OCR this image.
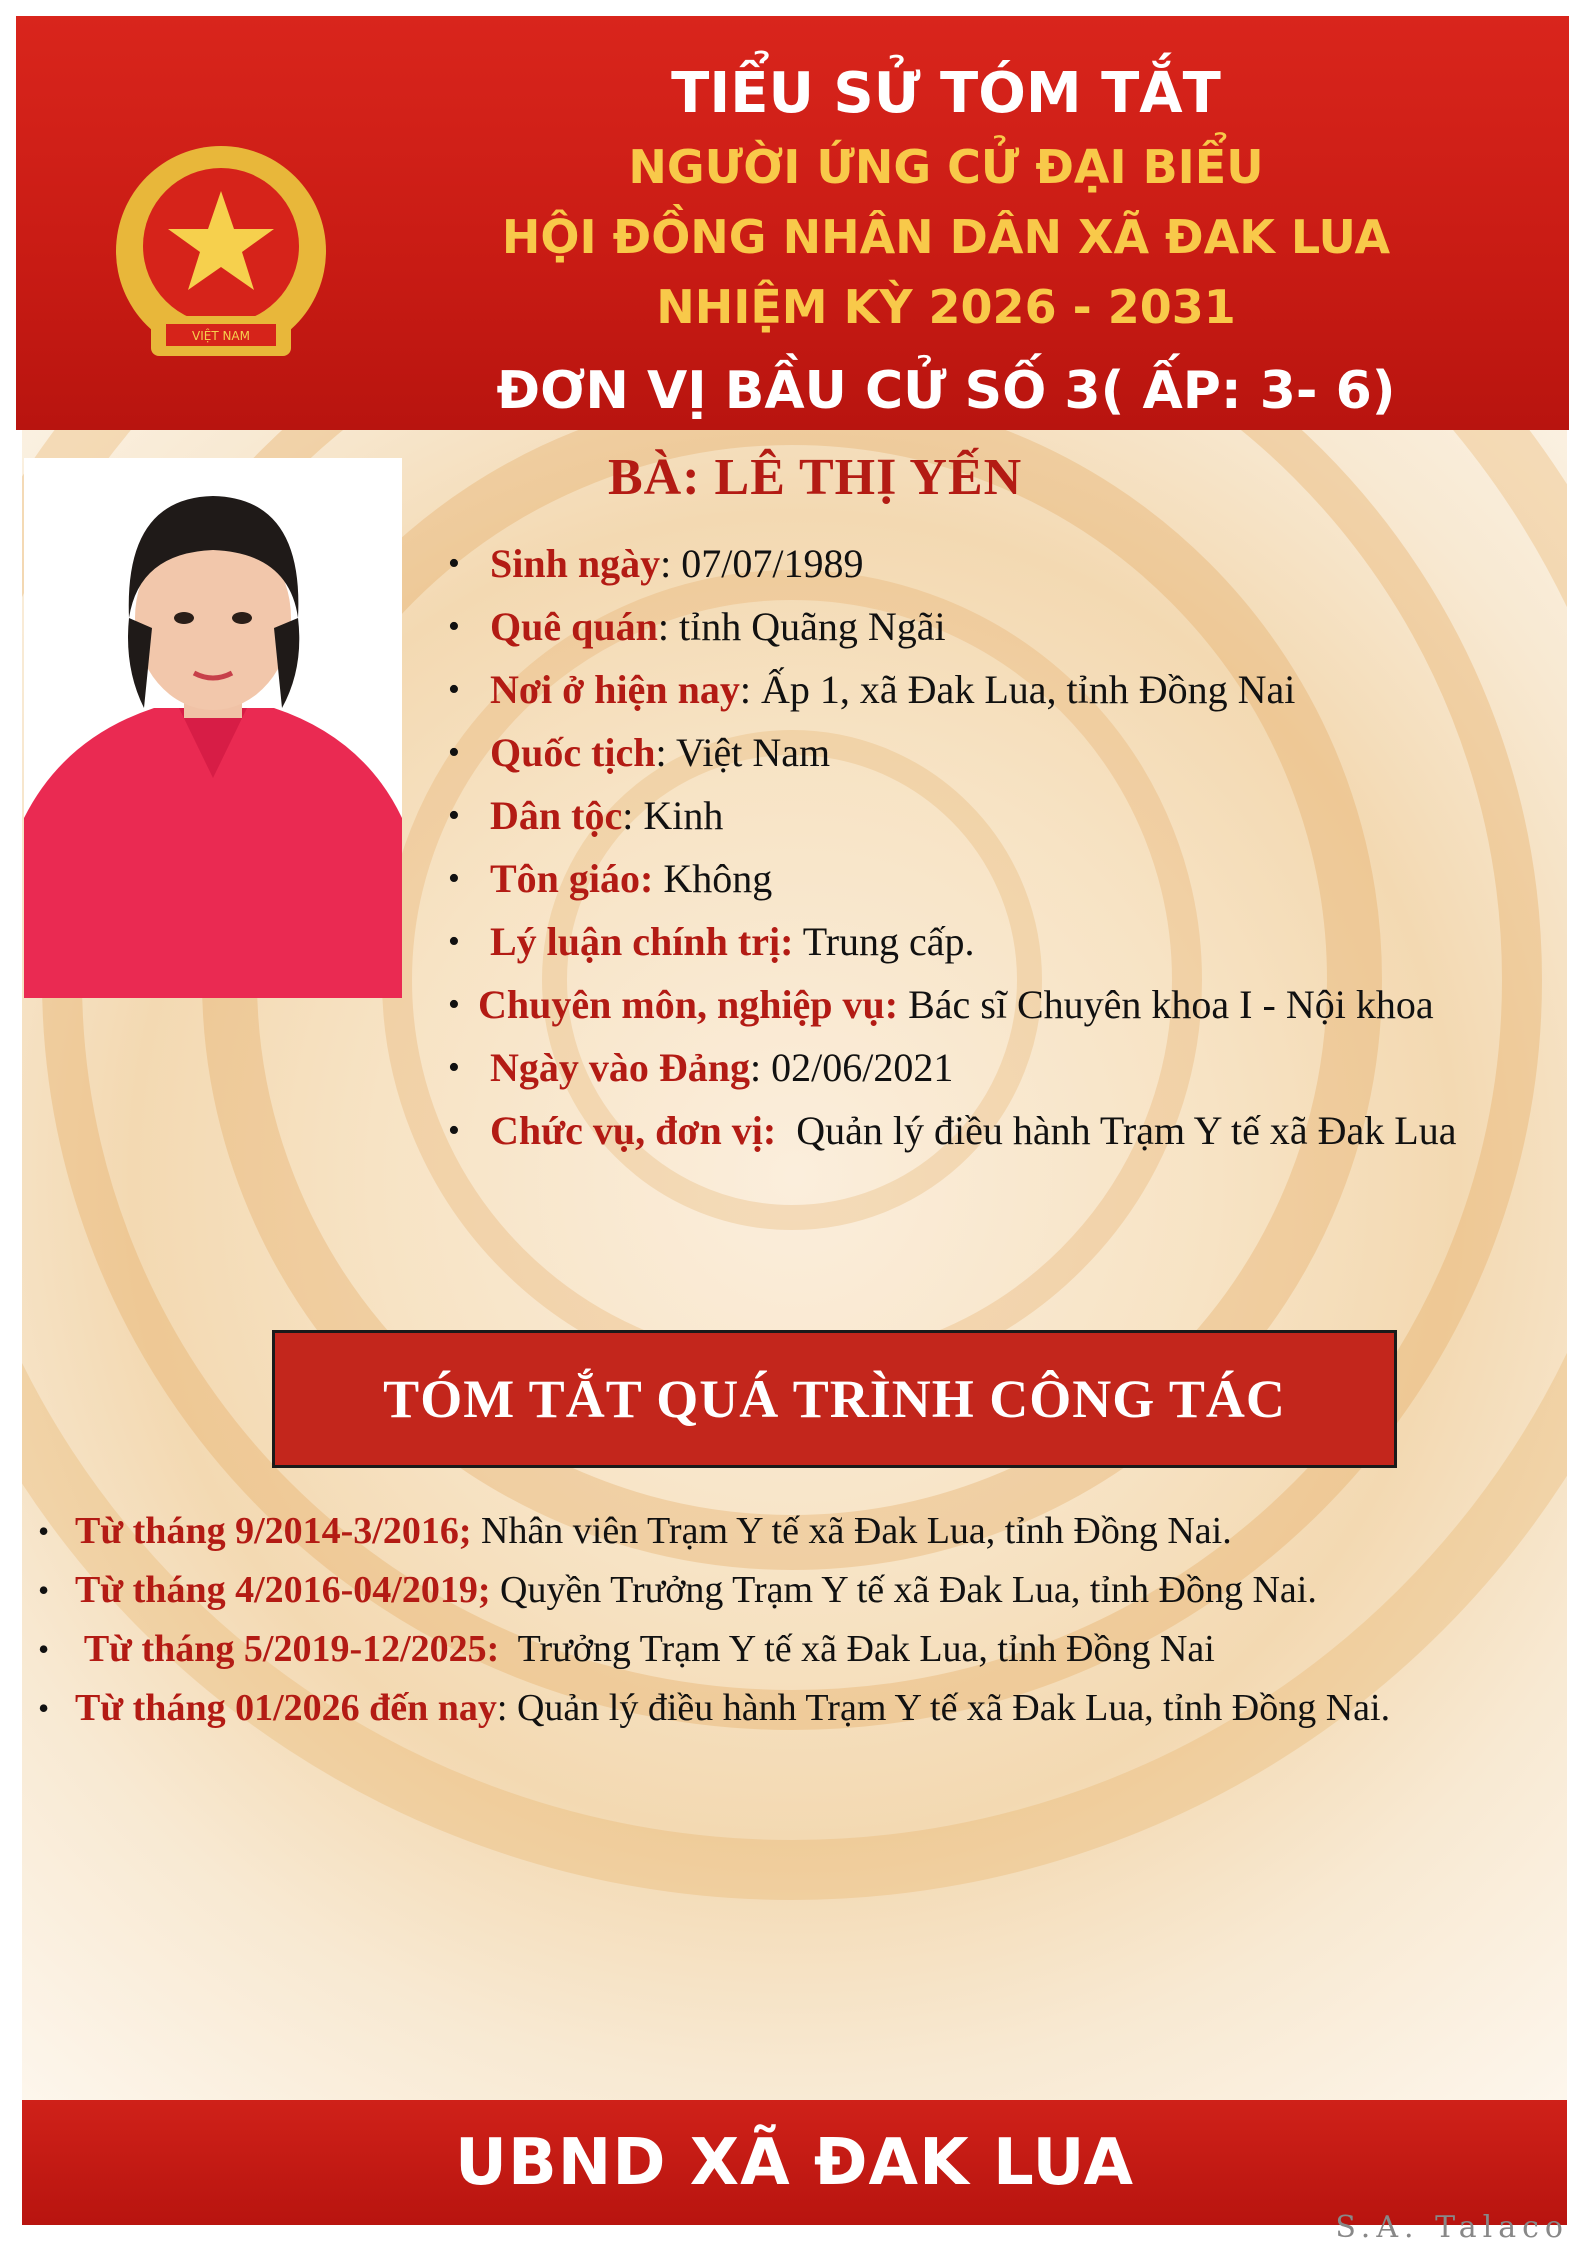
VIỆT NAM
TIỂU SỬ TÓM TẮT
NGƯỜI ỨNG CỬ ĐẠI BIỂU
HỘI ĐỒNG NHÂN DÂN XÃ ĐAK LUA
NHIỆM KỲ 2026 - 2031
ĐƠN VỊ BẦU CỬ SỐ 3( ẤP: 3- 6)
BÀ: LÊ THỊ YẾN
• Sinh ngày: 07/07/1989
• Quê quán: tỉnh Quãng Ngãi
• Nơi ở hiện nay: Ấp 1, xã Đak Lua, tỉnh Đồng Nai
• Quốc tịch: Việt Nam
• Dân tộc: Kinh
• Tôn giáo: Không
• Lý luận chính trị: Trung cấp.
• Chuyên môn, nghiệp vụ: Bác sĩ Chuyên khoa I - Nội khoa
• Ngày vào Đảng: 02/06/2021
• Chức vụ, đơn vị: Quản lý điều hành Trạm Y tế xã Đak Lua
TÓM TẮT QUÁ TRÌNH CÔNG TÁC
• Từ tháng 9/2014-3/2016; Nhân viên Trạm Y tế xã Đak Lua, tỉnh Đồng Nai.
• Từ tháng 4/2016-04/2019; Quyền Trưởng Trạm Y tế xã Đak Lua, tỉnh Đồng Nai.
•  Từ tháng 5/2019-12/2025:  Trưởng Trạm Y tế xã Đak Lua, tỉnh Đồng Nai
• Từ tháng 01/2026 đến nay: Quản lý điều hành Trạm Y tế xã Đak Lua, tỉnh Đồng Nai.
UBND XÃ ĐAK LUA
S.A. Talaco
